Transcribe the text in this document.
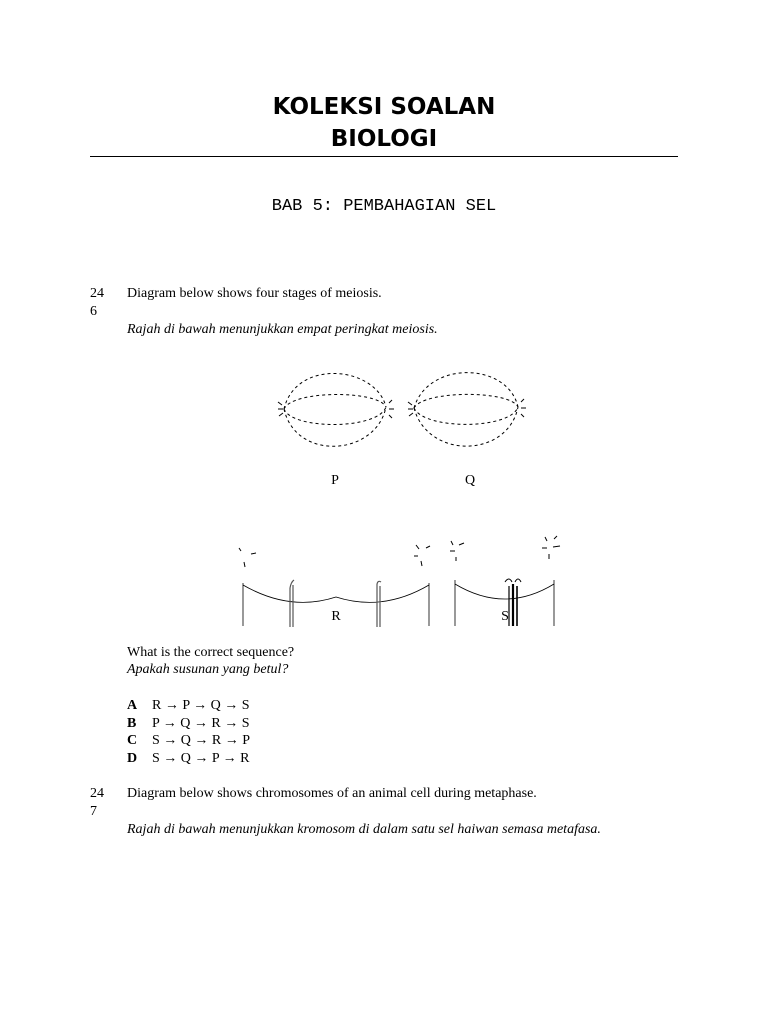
KOLEKSI SOALAN
BIOLOGI
BAB 5: PEMBAHAGIAN SEL
24
6
Diagram below shows four stages of meiosis.
Rajah di bawah menunjukkan empat peringkat meiosis.
P	Q
R	S
What is the correct sequence?
Apakah susunan yang betul?
A R → P → Q → S
B P → Q → R → S
C S → Q → R → P
D S → Q → P → R
24
7
Diagram below shows chromosomes of an animal cell during metaphase.
Rajah di bawah menunjukkan kromosom di dalam satu sel haiwan semasa metafasa.
